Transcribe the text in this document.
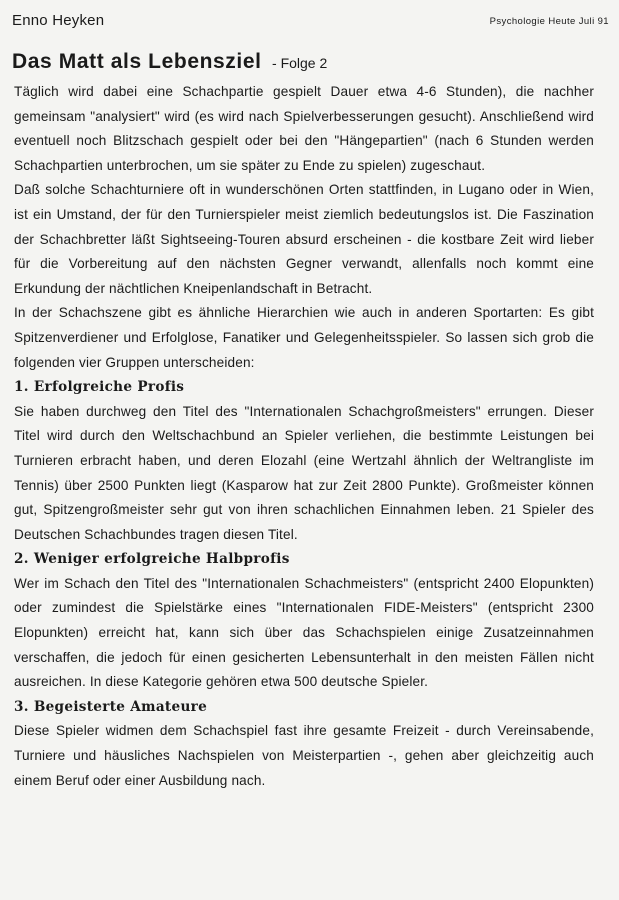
Enno Heyken	Psychologie Heute Juli 91
Das Matt als Lebensziel - Folge 2

Täglich wird dabei eine Schachpartie gespielt Dauer etwa 4-6 Stunden), die nachher gemeinsam "analysiert" wird (es wird nach Spielverbesserungen gesucht). Anschließend wird eventuell noch Blitzschach gespielt oder bei den "Hängepartien" (nach 6 Stunden werden Schachpartien unterbrochen, um sie später zu Ende zu spielen) zugeschaut.

Daß solche Schachturniere oft in wunderschönen Orten stattfinden, in Lugano oder in Wien, ist ein Umstand, der für den Turnierspieler meist ziemlich bedeutungslos ist. Die Faszination der Schachbretter läßt Sightseeing-Touren absurd erscheinen - die kostbare Zeit wird lieber für die Vorbereitung auf den nächsten Gegner verwandt, allenfalls noch kommt eine Erkundung der nächtlichen Kneipenlandschaft in Betracht.

In der Schachszene gibt es ähnliche Hierarchien wie auch in anderen Sportarten: Es gibt Spitzenverdiener und Erfolglose, Fanatiker und Gelegenheitsspieler. So lassen sich grob die folgenden vier Gruppen unterscheiden:

1. Erfolgreiche Profis

Sie haben durchweg den Titel des "Internationalen Schachgroßmeisters" errungen. Dieser Titel wird durch den Weltschachbund an Spieler verliehen, die bestimmte Leistungen bei Turnieren erbracht haben, und deren Elozahl (eine Wertzahl ähnlich der Weltrangliste im Tennis) über 2500 Punkten liegt (Kasparow hat zur Zeit 2800 Punkte). Großmeister können gut, Spitzengroßmeister sehr gut von ihren schachlichen Einnahmen leben. 21 Spieler des Deutschen Schachbundes tragen diesen Titel.

2. Weniger erfolgreiche Halbprofis

Wer im Schach den Titel des "Internationalen Schachmeisters" (entspricht 2400 Elopunkten) oder zumindest die Spielstärke eines "Internationalen FIDE-Meisters" (entspricht 2300 Elopunkten) erreicht hat, kann sich über das Schachspielen einige Zusatzeinnahmen verschaffen, die jedoch für einen gesicherten Lebensunterhalt in den meisten Fällen nicht ausreichen. In diese Kategorie gehören etwa 500 deutsche Spieler.

3. Begeisterte Amateure

Diese Spieler widmen dem Schachspiel fast ihre gesamte Freizeit - durch Vereinsabende, Turniere und häusliches Nachspielen von Meisterpartien -, gehen aber gleichzeitig auch einem Beruf oder einer Ausbildung nach.
